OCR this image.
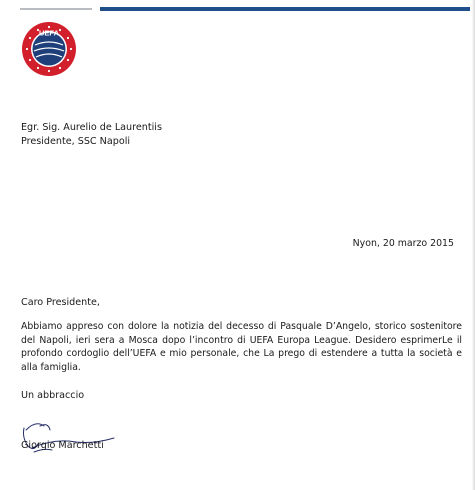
UEFA
Egr. Sig. Aurelio de Laurentiis
Presidente, SSC Napoli
Nyon, 20 marzo 2015
Caro Presidente,
Abbiamo appreso con dolore la notizia del decesso di Pasquale D’Angelo, storico sostenitore del Napoli, ieri sera a Mosca dopo l’incontro di UEFA Europa League. Desidero esprimerLe il profondo cordoglio dell’UEFA e mio personale, che La prego di estendere a tutta la società e alla famiglia.
Un abbraccio
Giorgio Marchetti
